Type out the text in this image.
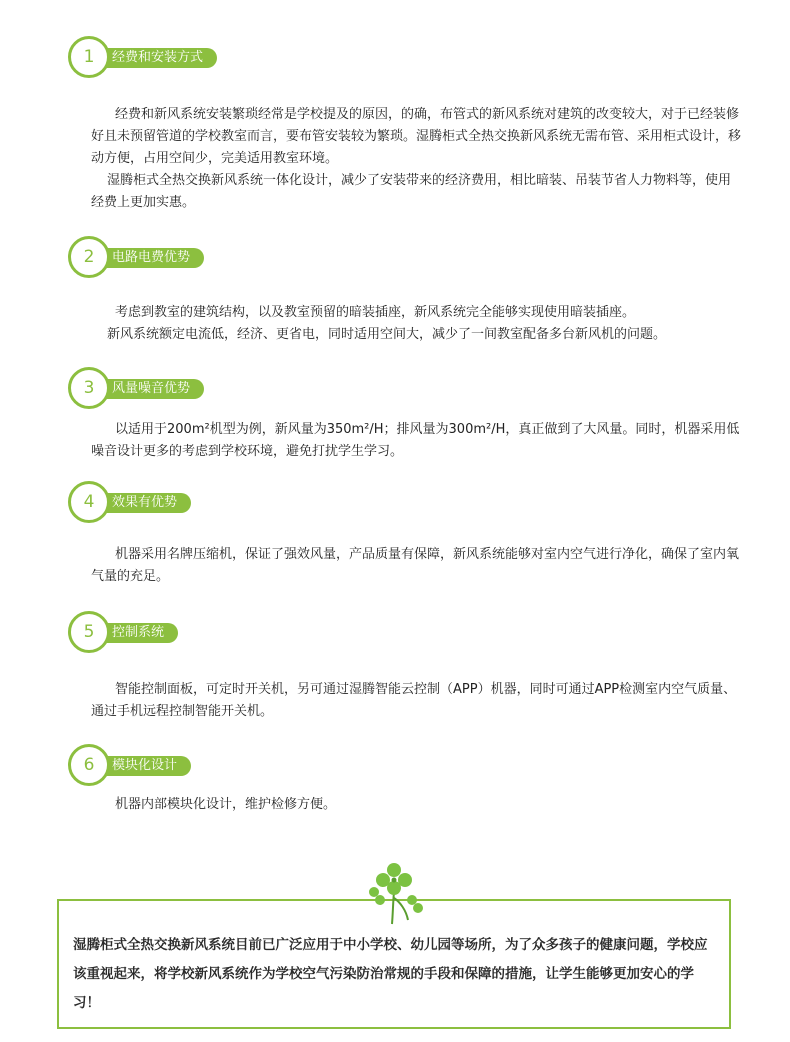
经费和安装方式
1

经费和新风系统安装繁琐经常是学校提及的原因，的确，布管式的新风系统对建筑的改变较大，对于已经装修好且未预留管道的学校教室而言，要布管安装较为繁琐。湿腾柜式全热交换新风系统无需布管、采用柜式设计，移动方便，占用空间少，完美适用教室环境。

湿腾柜式全热交换新风系统一体化设计，减少了安装带来的经济费用，相比暗装、吊装节省人力物料等，使用经费上更加实惠。

电路电费优势
2

考虑到教室的建筑结构，以及教室预留的暗装插座，新风系统完全能够实现使用暗装插座。

新风系统额定电流低，经济、更省电，同时适用空间大，减少了一间教室配备多台新风机的问题。

风量噪音优势
3

以适用于200m²机型为例，新风量为350m²/H；排风量为300m²/H，真正做到了大风量。同时，机器采用低噪音设计更多的考虑到学校环境，避免打扰学生学习。

效果有优势
4

机器采用名牌压缩机，保证了强效风量，产品质量有保障，新风系统能够对室内空气进行净化，确保了室内氧气量的充足。

控制系统
5

智能控制面板，可定时开关机，另可通过湿腾智能云控制（APP）机器，同时可通过APP检测室内空气质量、通过手机远程控制智能开关机。

模块化设计
6

机器内部模块化设计，维护检修方便。

湿腾柜式全热交换新风系统目前已广泛应用于中小学校、幼儿园等场所，为了众多孩子的健康问题，学校应该重视起来，将学校新风系统作为学校空气污染防治常规的手段和保障的措施，让学生能够更加安心的学习！
